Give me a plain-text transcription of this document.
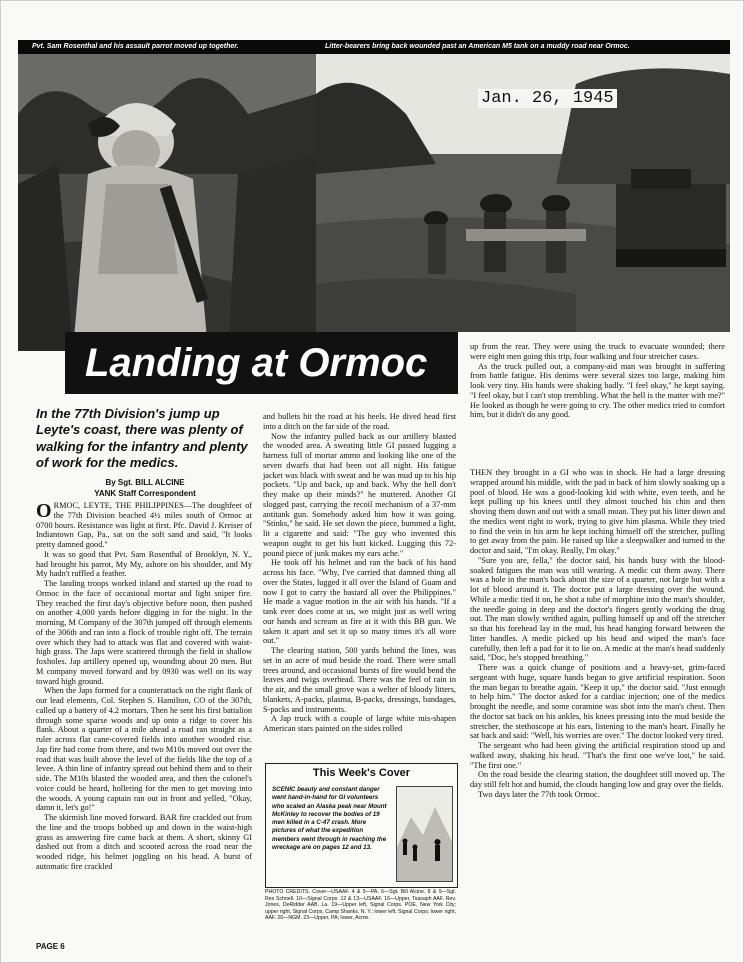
Pvt. Sam Rosenthal and his assault parrot moved up together.	Litter-bearers bring back wounded past an American M5 tank on a muddy road near Ormoc.
Jan. 26, 1945
Landing at Ormoc
In the 77th Division's jump up Leyte's coast, there was plenty of walking for the infantry and plenty of work for the medics.
By Sgt. BILL ALCINE
YANK Staff Correspondent

ORMOC, LEYTE, THE PHILIPPINES—The doughfeet of the 77th Division beached 4½ miles south of Ormoc at 0700 hours. Resistance was light at first. Pfc. David J. Kreiser of Indiantown Gap, Pa., sat on the soft sand and said, "It looks pretty damned good."

It was so good that Pvt. Sam Rosenthal of Brooklyn, N. Y., had brought his parrot, My My, ashore on his shoulder, and My My hadn't ruffled a feather.

The landing troops worked inland and started up the road to Ormoc in the face of occasional mortar and light sniper fire. They reached the first day's objective before noon, then pushed on another 4,000 yards before digging in for the night. In the morning, M Company of the 307th jumped off through elements of the 306th and ran into a flock of trouble right off. The terrain over which they had to attack was flat and covered with waist-high grass. The Japs were scattered through the field in shallow foxholes. Jap artillery opened up, wounding about 20 men. But M company moved forward and by 0930 was well on its way toward high ground.

When the Japs formed for a counterattack on the right flank of our lead elements, Col. Stephen S. Hamilton, CO of the 307th, called up a battery of 4.2 mortars. Then he sent his first battalion through some sparse woods and up onto a ridge to cover his flank. About a quarter of a mile ahead a road ran straight as a ruler across flat cane-covered fields into another wooded rise. Jap fire had come from there, and two M10s moved out over the road that was built above the level of the fields like the top of a levee. A thin line of infantry spread out behind them and to their side. The M10s blasted the wooded area, and then the colonel's voice could be heard, hollering for the men to get moving into the woods. A young captain ran out in front and yelled, "Okay, damn it, let's go!"

The skirmish line moved forward. BAR fire crackled out from the line and the troops bobbed up and down in the waist-high grass as answering fire came back at them. A short, skinny GI dashed out from a ditch and scooted across the road near the wooded ridge, his helmet joggling on his head. A burst of automatic fire crackled

and bullets hit the road at his heels. He dived head first into a ditch on the far side of the road.

Now the infantry pulled back as our artillery blasted the wooded area. A sweating little GI passed lugging a harness full of mortar ammo and looking like one of the seven dwarfs that had been out all night. His fatigue jacket was black with sweat and he was mud up to his hip pockets. "Up and back, up and back. Why the hell don't they make up their minds?" he muttered. Another GI slogged past, carrying the recoil mechanism of a 37-mm antitank gun. Somebody asked him how it was going. "Stinks," he said. He set down the piece, bummed a light, lit a cigarette and said: "The guy who invented this weapon ought to get his butt kicked. Lugging this 72-pound piece of junk makes my ears ache."

He took off his helmet and ran the back of his hand across his face. "Why, I've carried that damned thing all over the States, lugged it all over the Island of Guam and now I got to carry the bastard all over the Philippines." He made a vague motion in the air with his hands. "If a tank ever does come at us, we might just as well wring our hands and scream as fire at it with this BB gun. We taken it apart and set it up so many times it's all wore out."

The clearing station, 500 yards behind the lines, was set in an acre of mud beside the road. There were small trees around, and occasional bursts of fire would bend the leaves and twigs overhead. There was the feel of rain in the air, and the small grove was a welter of bloody litters, blankets, A-packs, plasma, B-packs, dressings, bandages, S-packs and instruments.

A Jap truck with a couple of large white mis-shapen American stars painted on the sides rolled

up from the rear. They were using the truck to evacuate wounded; there were eight men going this trip, four walking and four stretcher cases.

As the truck pulled out, a company-aid man was brought in suffering from battle fatigue. His denims were several sizes too large, making him look very tiny. His hands were shaking badly. "I feel okay," he kept saying. "I feel okay, but I can't stop trembling. What the hell is the matter with me?" He looked as though he were going to cry. The other medics tried to comfort him, but it didn't do any good.

THEN they brought in a GI who was in shock. He had a large dressing wrapped around his middle, with the pad in back of him slowly soaking up a pool of blood. He was a good-looking kid with white, even teeth, and he kept pulling up his knees until they almost touched his chin and then shoving them down and out with a small moan. They put his litter down and the medics went right to work, trying to give him plasma. While they tried to find the vein in his arm he kept inching himself off the stretcher, pulling to get away from the pain. He raised up like a sleepwalker and turned to the doctor and said, "I'm okay. Really, I'm okay."

"Sure you are, fella," the doctor said, his hands busy with the blood-soaked fatigues the man was still wearing. A medic cut them away. There was a hole in the man's back about the size of a quarter, not large but with a lot of blood around it. The doctor put a large dressing over the wound. While a medic tied it on, he shot a tube of morphine into the man's shoulder, the needle going in deep and the doctor's fingers gently working the drug out. The man slowly writhed again, pulling himself up and off the stretcher so that his forehead lay in the mud, his head hanging forward between the litter handles. A medic picked up his head and wiped the man's face carefully, then left a pad for it to lie on. A medic at the man's head suddenly said, "Doc, he's stopped breathing."

There was a quick change of positions and a heavy-set, grim-faced sergeant with huge, square hands began to give artificial respiration. Soon the man began to breathe again. "Keep it up," the doctor said. "Just enough to help him." The doctor asked for a cardiac injection; one of the medics brought the needle, and some coramine was shot into the man's chest. Then the doctor sat back on his ankles, his knees pressing into the mud beside the stretcher, the stethoscope at his ears, listening to the man's heart. Finally he sat back and said: "Well, his worries are over." The doctor looked very tired.

The sergeant who had been giving the artificial respiration stood up and walked away, shaking his head. "That's the first one we've lost," he said. "The first one."

On the road beside the clearing station, the doughfeet still moved up. The day still felt hot and humid, the clouds hanging low and gray over the fields.

Two days later the 77th took Ormoc.

This Week's Cover
SCENIC beauty and constant danger went hand-in-hand for GI volunteers who scaled an Alaska peak near Mount McKinley to recover the bodies of 19 men killed in a C-47 crash. More pictures of what the expedition members went through in reaching the wreckage are on pages 12 and 13.
PHOTO CREDITS. Cover—USAAF. 4 & 5—PA. 6—Sgt. Bill Alcine. 8 & 9—Sgt. Rex Schnell. 10—Signal Corps. 12 & 13—USAAF. 16—Upper, Tsasaph AAF. Rev. Jones, DeRidder AAB. La. 19—Upper left, Signal Corps. POE, New York City; upper right, Signal Corps, Camp Shanks, N. Y.; lower left, Signal Corps; lower right, AAF. 20—NGM. 23—Upper, PA; lower, Acme.
PAGE 6
